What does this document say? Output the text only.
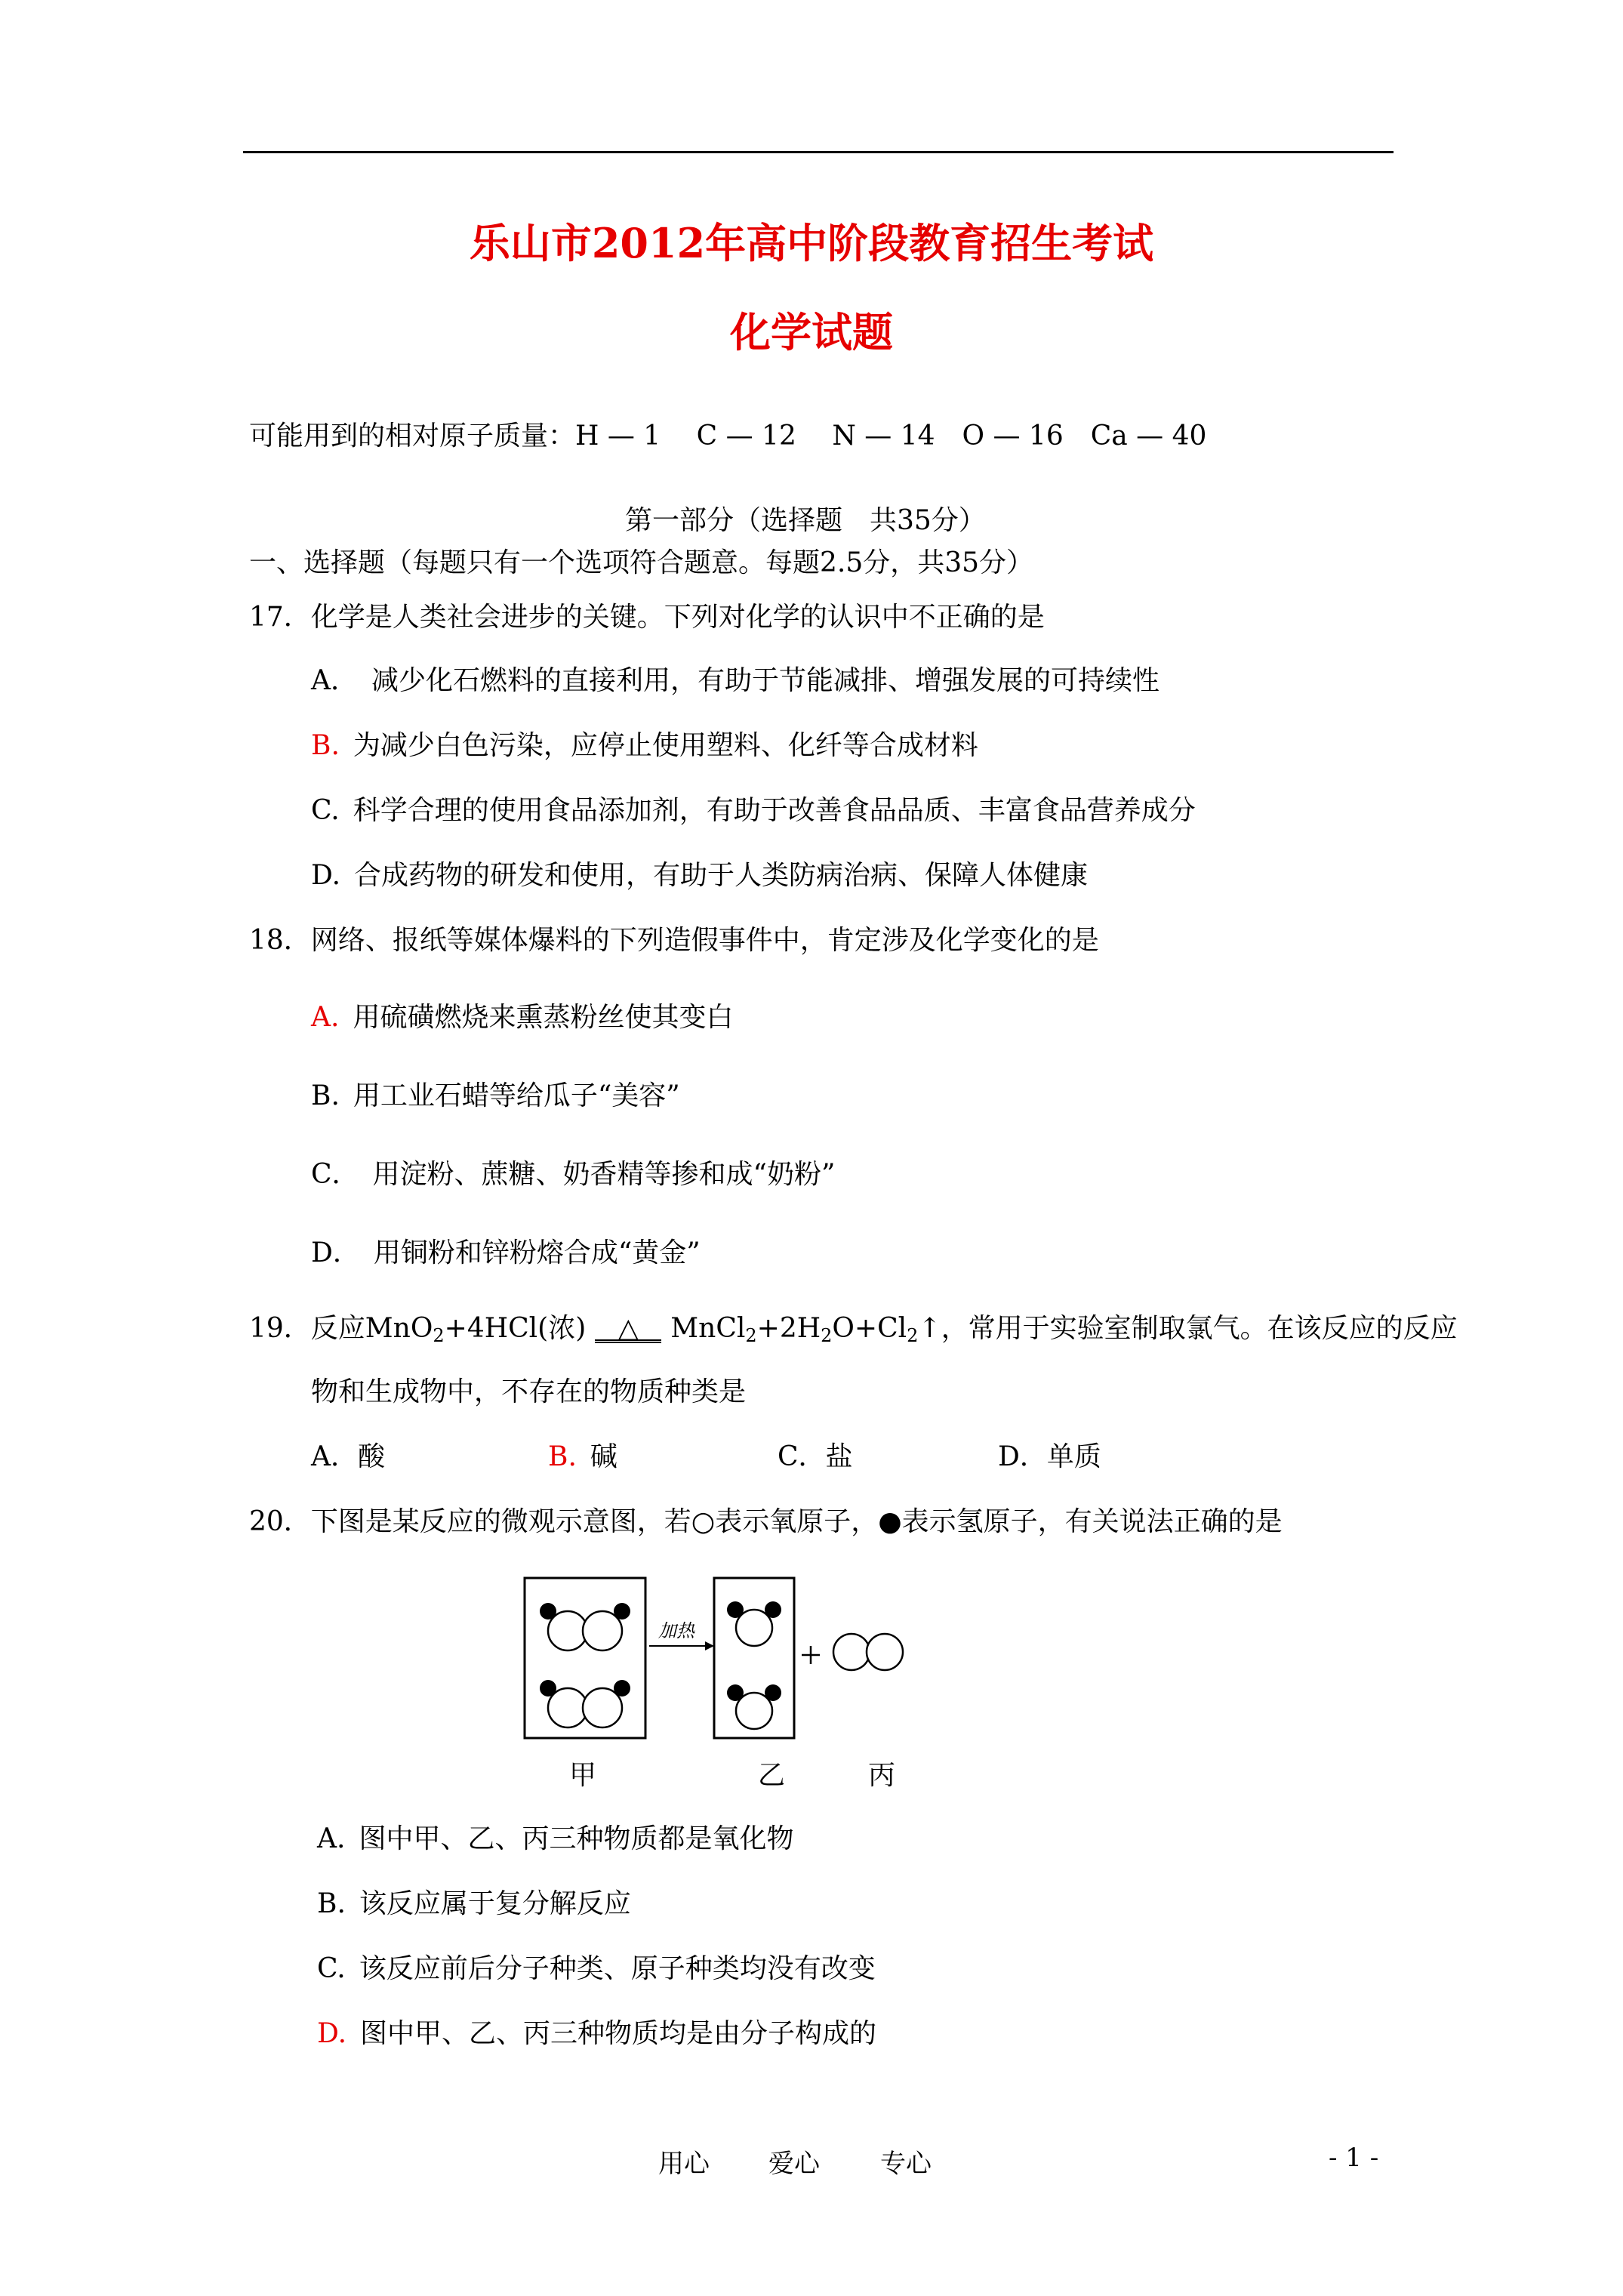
乐山市2012年高中阶段教育招生考试
化学试题
可能用到的相对原子质量：H — 1　 C — 12　 N — 14　O — 16　Ca — 40
第一部分（选择题　共35分）
一、选择题（每题只有一个选项符合题意。每题2.5分，共35分）
17．化学是人类社会进步的关键。下列对化学的认识中不正确的是
A． 减少化石燃料的直接利用，有助于节能减排、增强发展的可持续性
B. 为减少白色污染，应停止使用塑料、化纤等合成材料
C. 科学合理的使用食品添加剂，有助于改善食品品质、丰富食品营养成分
D. 合成药物的研发和使用，有助于人类防病治病、保障人体健康
18．网络、报纸等媒体爆料的下列造假事件中，肯定涉及化学变化的是
A. 用硫磺燃烧来熏蒸粉丝使其变白
B. 用工业石蜡等给瓜子“美容”
C． 用淀粉、蔗糖、奶香精等掺和成“奶粉”
D． 用铜粉和锌粉熔合成“黄金”
19．反应MnO$_2$+4HCl(浓) △ $MnCl_2+2H_2O+Cl_2↑$，常用于实验室制取氯气。在该反应的反应
物和生成物中，不存在的物质种类是
A．酸	B. 碱	C．盐	D．单质
20．下图是某反应的微观示意图，若○表示氧原子，●表示氢原子，有关说法正确的是
加热
甲	乙	丙
A. 图中甲、乙、丙三种物质都是氧化物
B. 该反应属于复分解反应
C. 该反应前后分子种类、原子种类均没有改变
D. 图中甲、乙、丙三种物质均是由分子构成的
用心 爱心 专心	- 1 -
